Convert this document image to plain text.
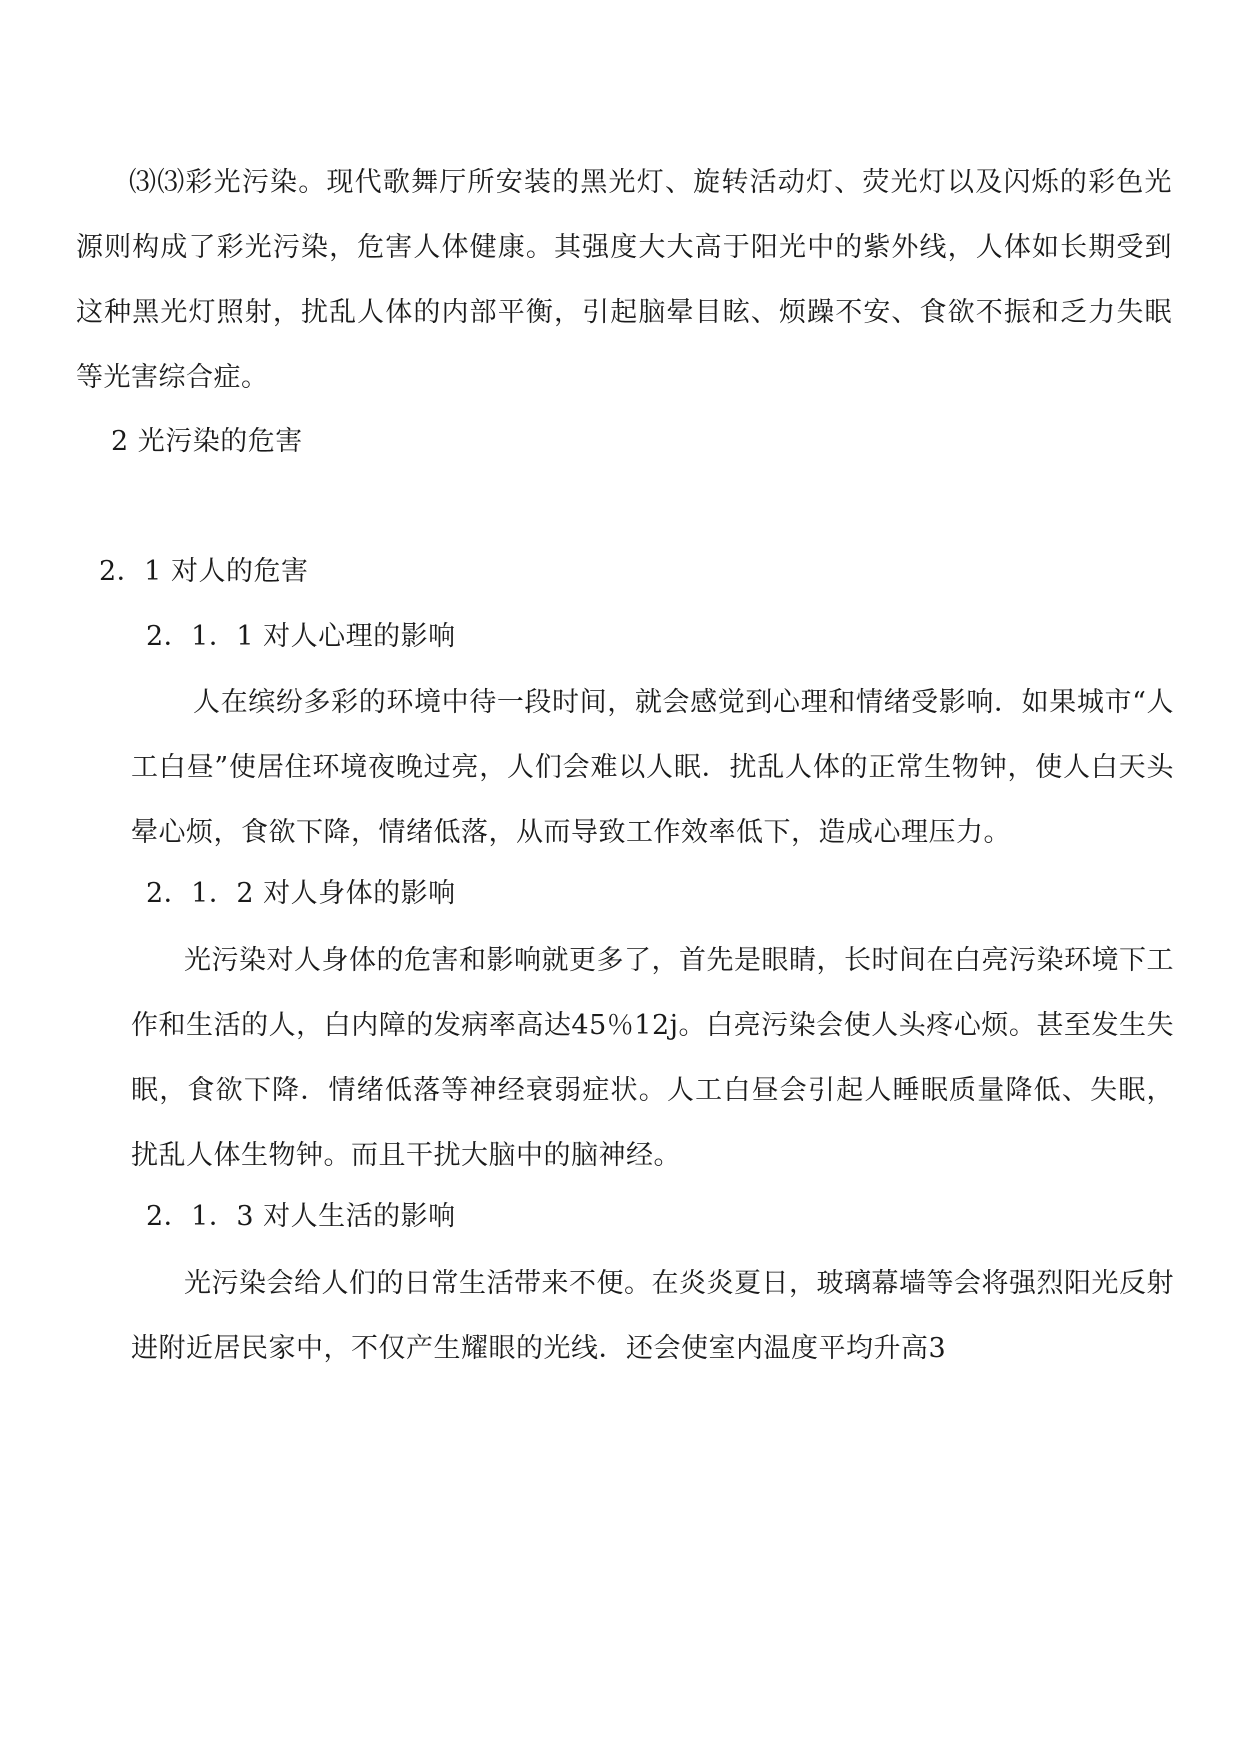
⑶⑶彩光污染。现代歌舞厅所安装的黑光灯、旋转活动灯、荧光灯以及闪烁的彩色光源则构成了彩光污染，危害人体健康。其强度大大高于阳光中的紫外线，人体如长期受到这种黑光灯照射，扰乱人体的内部平衡，引起脑晕目眩、烦躁不安、食欲不振和乏力失眠等光害综合症。

2 光污染的危害
2．1 对人的危害
2．1．1 对人心理的影响

人在缤纷多彩的环境中待一段时间，就会感觉到心理和情绪受影响．如果城市“人工白昼”使居住环境夜晚过亮，人们会难以人眠．扰乱人体的正常生物钟，使人白天头晕心烦，食欲下降，情绪低落，从而导致工作效率低下，造成心理压力。

2．1．2 对人身体的影响

光污染对人身体的危害和影响就更多了，首先是眼睛，长时间在白亮污染环境下工作和生活的人，白内障的发病率高达45％12j。白亮污染会使人头疼心烦。甚至发生失眠，食欲下降．情绪低落等神经衰弱症状。人工白昼会引起人睡眠质量降低、失眠，扰乱人体生物钟。而且干扰大脑中的脑神经。

2．1．3 对人生活的影响

光污染会给人们的日常生活带来不便。在炎炎夏日，玻璃幕墙等会将强烈阳光反射进附近居民家中，不仅产生耀眼的光线．还会使室内温度平均升高3
